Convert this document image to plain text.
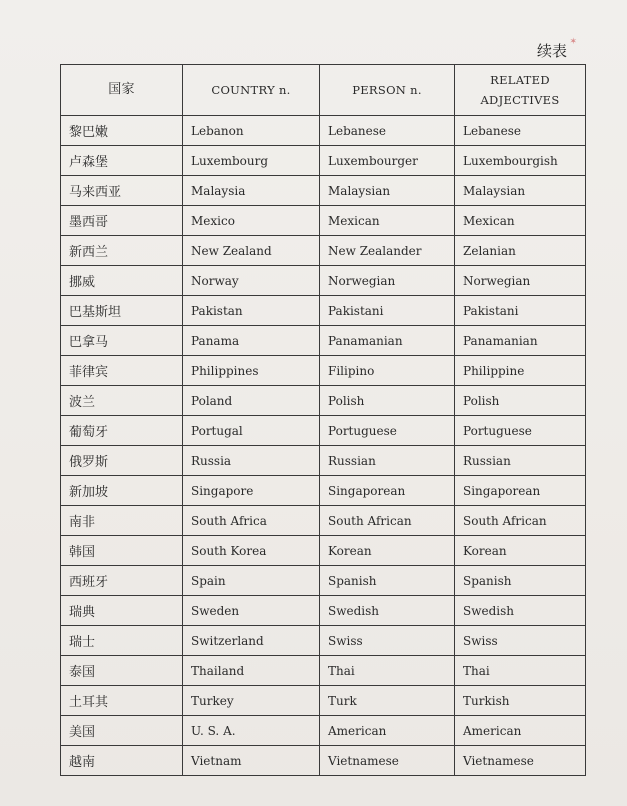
续表 ✶
国家	COUNTRY n.	PERSON n.	RELATED ADJECTIVES
黎巴嫩	Lebanon	Lebanese	Lebanese
卢森堡	Luxembourg	Luxembourger	Luxembourgish
马来西亚	Malaysia	Malaysian	Malaysian
墨西哥	Mexico	Mexican	Mexican
新西兰	New Zealand	New Zealander	Zelanian
挪威	Norway	Norwegian	Norwegian
巴基斯坦	Pakistan	Pakistani	Pakistani
巴拿马	Panama	Panamanian	Panamanian
菲律宾	Philippines	Filipino	Philippine
波兰	Poland	Polish	Polish
葡萄牙	Portugal	Portuguese	Portuguese
俄罗斯	Russia	Russian	Russian
新加坡	Singapore	Singaporean	Singaporean
南非	South Africa	South African	South African
韩国	South Korea	Korean	Korean
西班牙	Spain	Spanish	Spanish
瑞典	Sweden	Swedish	Swedish
瑞士	Switzerland	Swiss	Swiss
泰国	Thailand	Thai	Thai
土耳其	Turkey	Turk	Turkish
美国	U. S. A.	American	American
越南	Vietnam	Vietnamese	Vietnamese
